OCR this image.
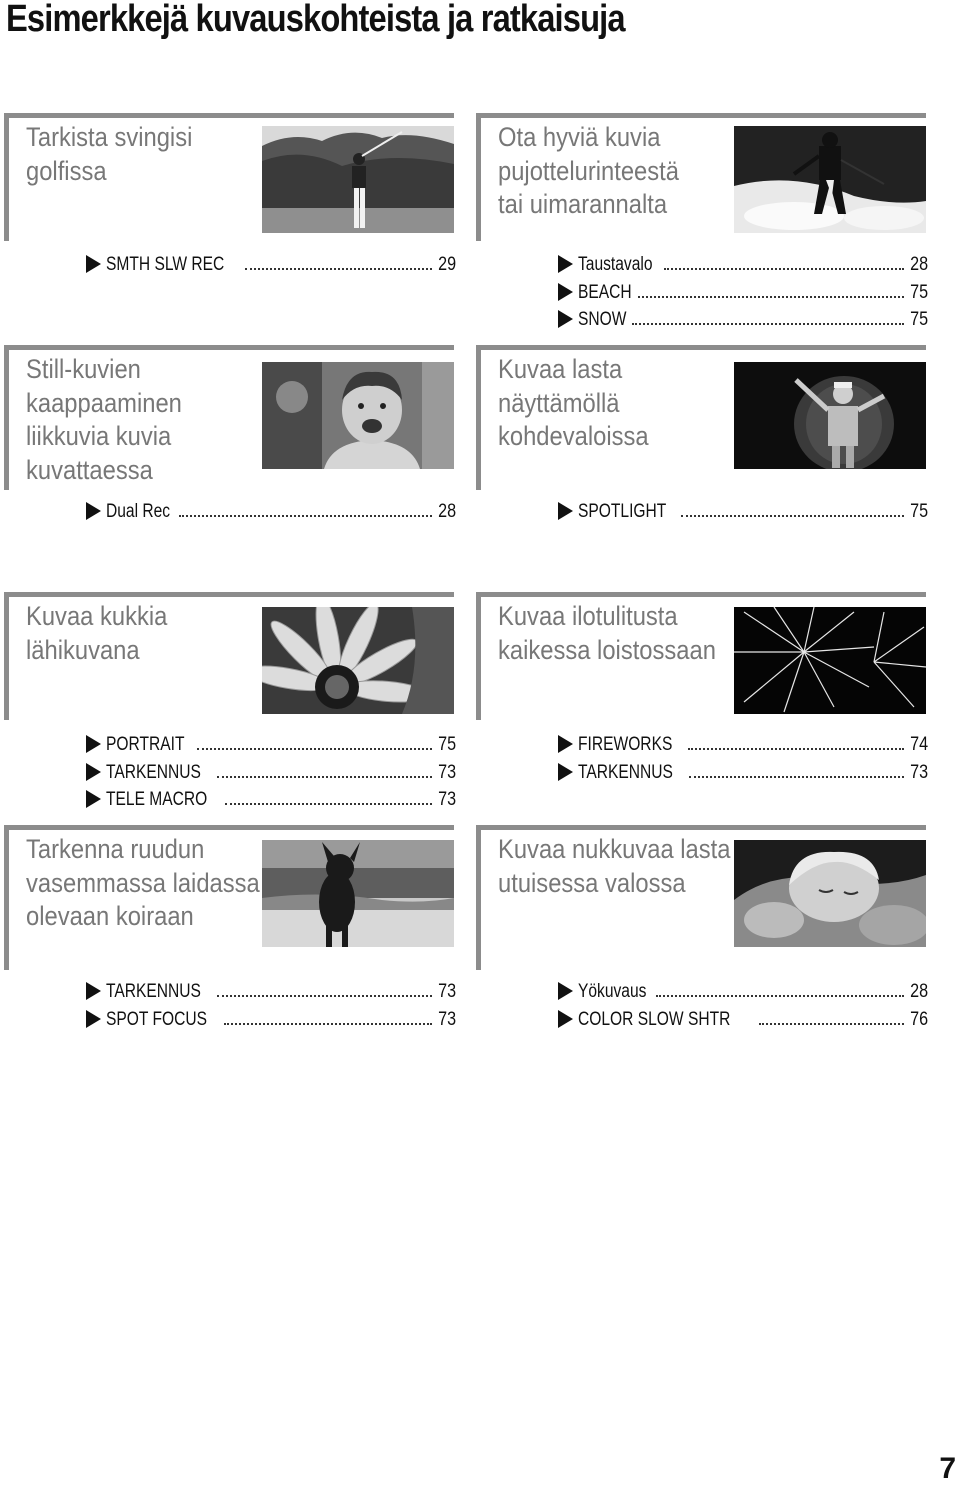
Esimerkkejä kuvauskohteista ja ratkaisuja
Tarkista svingisi
golfissa
SMTH SLW REC	29
Ota hyviä kuvia
pujottelurinteestä
tai uimarannalta
Taustavalo	28
BEACH	75
SNOW	75
Still-kuvien
kaappaaminen
liikkuvia kuvia
kuvattaessa
Dual Rec	28
Kuvaa lasta
näyttämöllä
kohdevaloissa
SPOTLIGHT	75
Kuvaa kukkia
lähikuvana
PORTRAIT	75
TARKENNUS	73
TELE MACRO	73
Kuvaa ilotulitusta
kaikessa loistossaan
FIREWORKS	74
TARKENNUS	73
Tarkenna ruudun
vasemmassa laidassa
olevaan koiraan
TARKENNUS	73
SPOT FOCUS	73
Kuvaa nukkuvaa lasta
utuisessa valossa
Yökuvaus	28
COLOR SLOW SHTR	76
7
